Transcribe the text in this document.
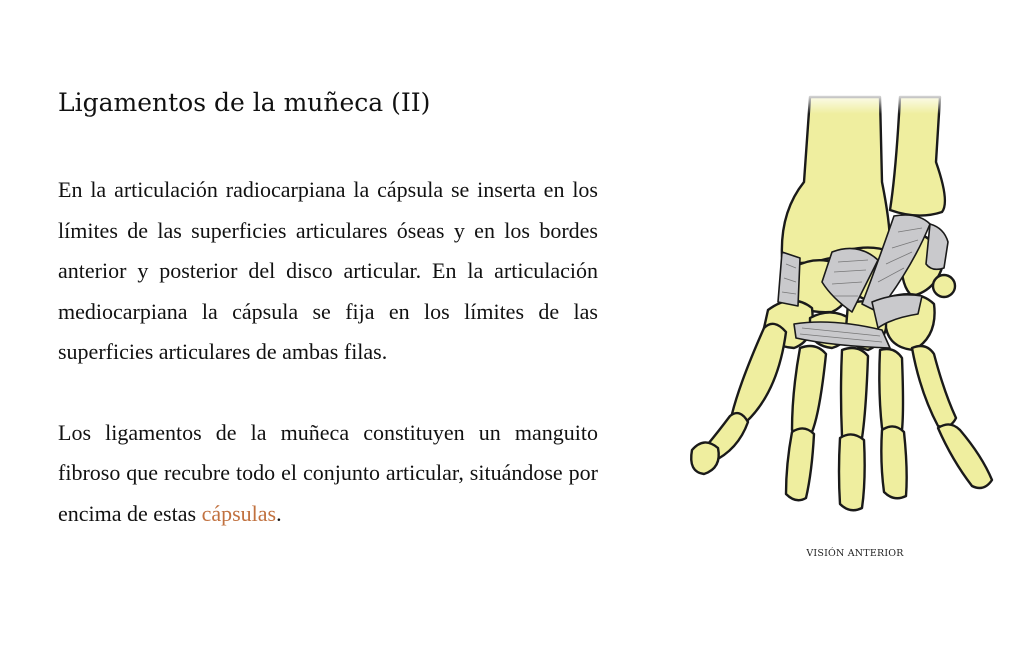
Ligamentos de la muñeca (II)

En la articulación radiocarpiana la cápsula se inserta en los límites de las superficies articulares óseas y en los bordes anterior y posterior del disco articular. En la articulación mediocarpiana la cápsula se fija en los límites de las superficies articulares de ambas filas.

Los ligamentos de la muñeca constituyen un manguito fibroso que recubre todo el conjunto articular, situándose por encima de estas cápsulas.

VISIÓN ANTERIOR
